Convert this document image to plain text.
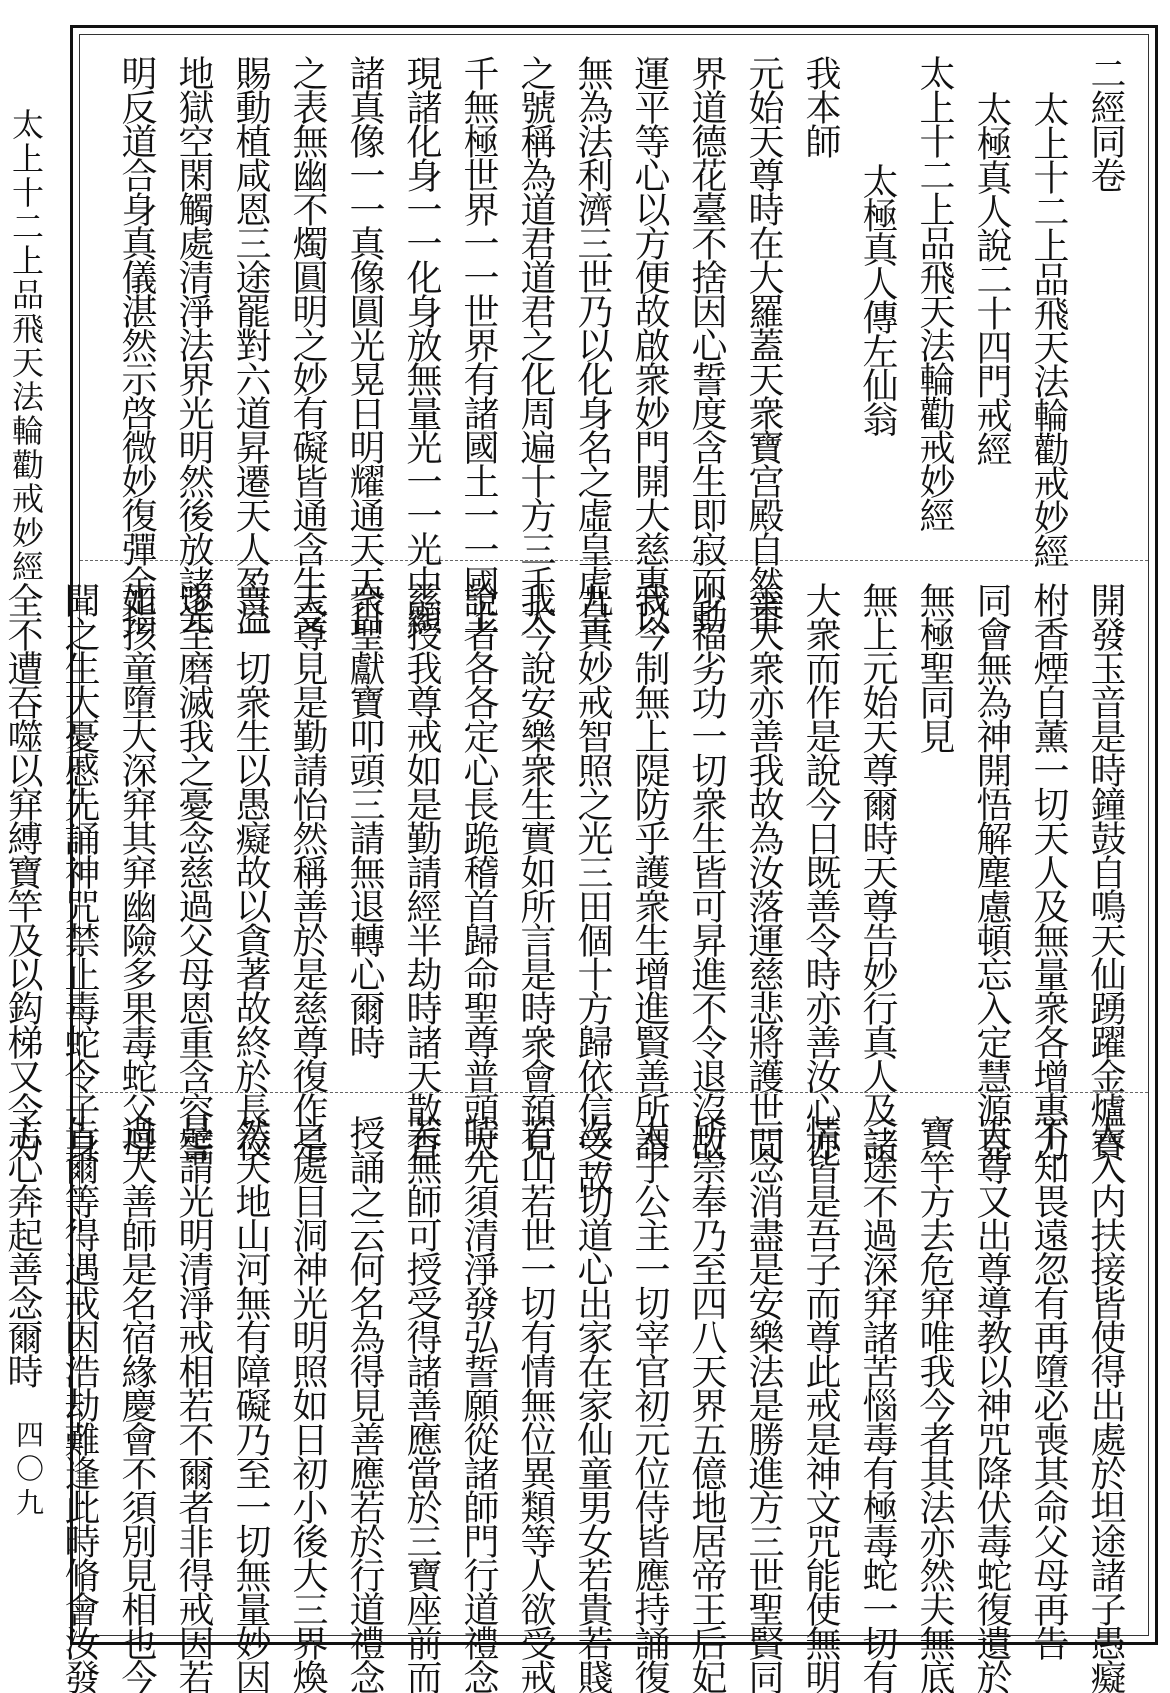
太上十二上品飛天法輪勸戒妙經
四〇九
二經同卷
太上十二上品飛天法輪勸戒妙經
太極真人說二十四門戒經
太上十二上品飛天法輪勸戒妙經
太極真人傳左仙翁
我本師
元始天尊時在大羅蓋天衆寶宫殿自然香
界道德花臺不捨因心誓度含生即寂而動
運平等心以方便故啟衆妙門開大慈惠以
無為法利濟三世乃以化身名之虛皇虛皇
之號稱為道君道君之化周遍十方三千大
千無極世界一一世界有諸國土一一國土
現諸化身一一化身放無量光一一光中顯
諸真像一一真像圓光晃日明耀通天天日
之表無幽不燭圓明之妙有礙皆通含生受
賜動植咸恩三途罷對六道昇遷天人盈溢
地獄空閑觸處清淨法界光明然後放諸光
明反道合身真儀湛然示啓微妙復彈金指
開發玉音是時鐘鼓自鳴天仙踴躍金爐寶
柎香煙自薰一切天人及無量衆各增惠力
同會無為神開悟解塵慮頓忘入定慧源見
無極聖同見
無上元始天尊爾時天尊告妙行真人及諸
大衆而作是說今日既善令時亦善汝心亦
善大衆亦善我故為汝落運慈悲將護世間
少福劣功一切衆生皆可昇進不令退沒故
我今制無上隄防乎護衆生增進賢善所謂
九真妙戒智照之光三田個十方歸依信受故
我今說安樂衆生實如所言是時衆會預見
說者各各定心長跪稽首歸命聖尊普頭大
慈授我尊戒如是勤請經半劫時諸天散香
衆聖獻寶叩頭三請無退轉心爾時
天尊見是勤請怡然稱善於是慈尊復作是
言一切衆生以愚癡故以貪著故終於長夜
遂至磨滅我之憂念慈過父母恩重含容譬
如孩童墮大深穽其穽幽險多果毒蛇父母
聞之生大憂慼先誦神咒禁止毒蛇令子身
全不遭吞噬以穽縛寶竿及以鈎梯又令力
人入内扶接皆使得出處於坦途諸子愚癡
不知畏遠忽有再墮必喪其命父母再告
天尊又出尊導教以神咒降伏毒蛇復遺於
寶竿方去危穽唯我今者其法亦然夫無底
三途不過深穽諸苦惱毒有極毒蛇一切有
情皆是吾子而尊此戒是神文咒能使無明
一念消盡是安樂法是勝進方三世聖賢同
所崇奉乃至四八天界五億地居帝王后妃
太子公主一切宰官初元位侍皆應持誦復
次一切道心出家在家仙童男女若貴若賤
若山若世一切有情無位異類等人欲受戒
時先須清淨發弘誓願從諸師門行道禮念
若無師可授受得諸善應當於三寶座前而
授誦之云何名為得見善應若於行道禮念
之處目洞神光明照如日初小後大三界煥
然天地山河無有障礙乃至一切無量妙因
是謂光明清淨戒相若不爾者非得戒因若
過大善師是名宿緣慶會不須別見相也今
告爾等得遇戒因浩劫難逢此時脩會汝發
志心奔起善念爾時
